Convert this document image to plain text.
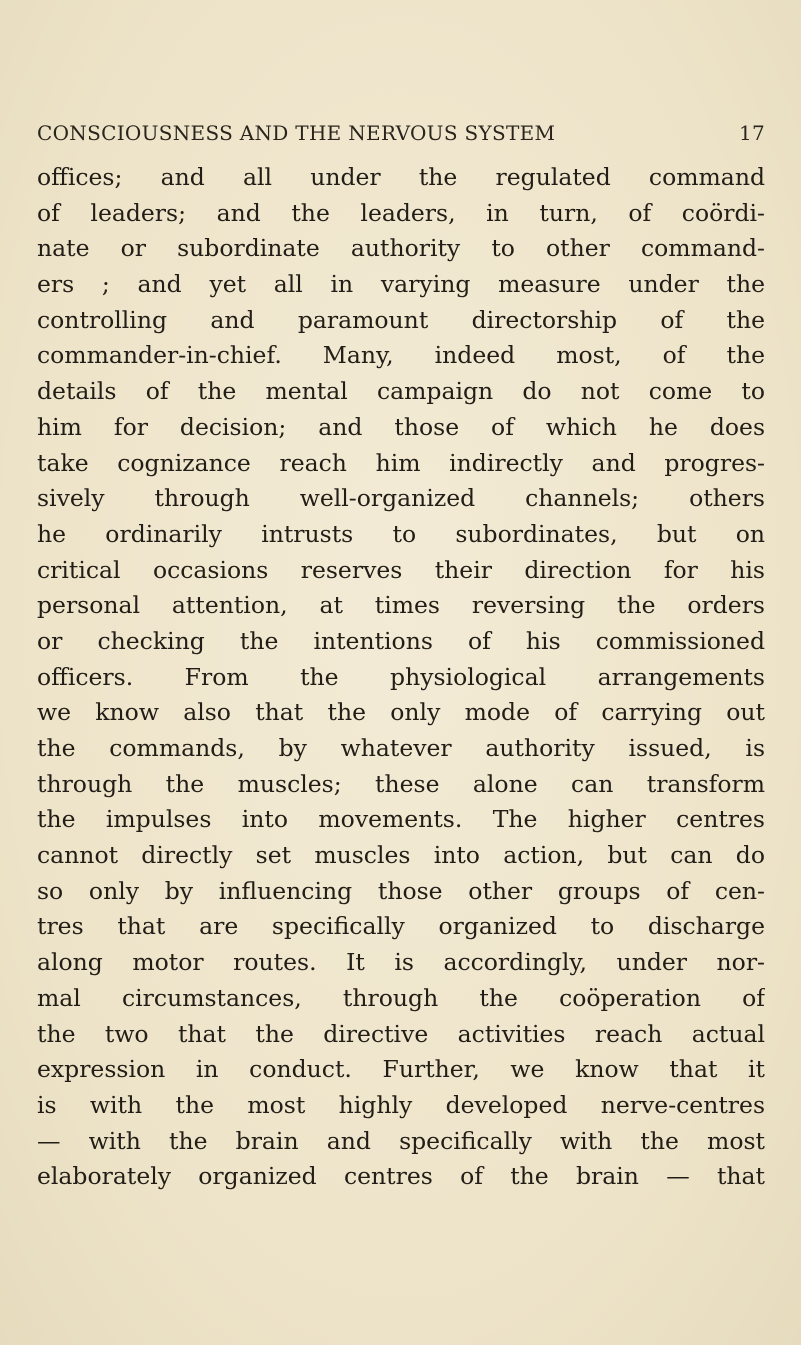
CONSCIOUSNESS AND THE NERVOUS SYSTEM	17
offices; and all under the regulated command
of leaders; and the leaders, in turn, of coördi-
nate or subordinate authority to other command-
ers ; and yet all in varying measure under the
controlling and paramount directorship of the
commander-in-chief. Many, indeed most, of the
details of the mental campaign do not come to
him for decision; and those of which he does
take cognizance reach him indirectly and progres-
sively through well-organized channels; others
he ordinarily intrusts to subordinates, but on
critical occasions reserves their direction for his
personal attention, at times reversing the orders
or checking the intentions of his commissioned
officers. From the physiological arrangements
we know also that the only mode of carrying out
the commands, by whatever authority issued, is
through the muscles; these alone can transform
the impulses into movements. The higher centres
cannot directly set muscles into action, but can do
so only by influencing those other groups of cen-
tres that are specifically organized to discharge
along motor routes. It is accordingly, under nor-
mal circumstances, through the coöperation of
the two that the directive activities reach actual
expression in conduct. Further, we know that it
is with the most highly developed nerve-centres
— with the brain and specifically with the most
elaborately organized centres of the brain — that
